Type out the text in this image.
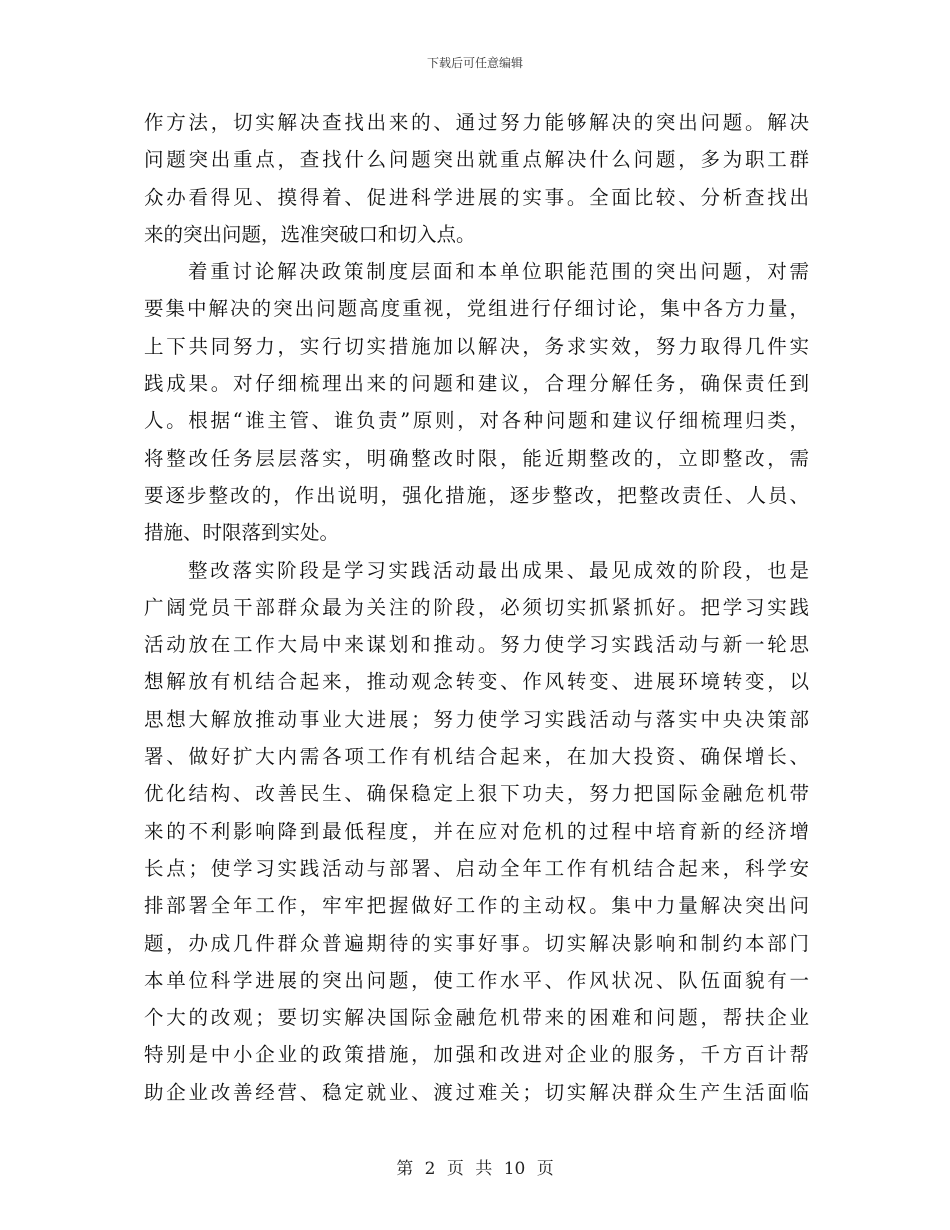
下载后可任意编辑
作方法，切实解决查找出来的、通过努力能够解决的突出问题。解决
问题突出重点，查找什么问题突出就重点解决什么问题，多为职工群
众办看得见、摸得着、促进科学进展的实事。全面比较、分析查找出
来的突出问题，选准突破口和切入点。
着重讨论解决政策制度层面和本单位职能范围的突出问题，对需
要集中解决的突出问题高度重视，党组进行仔细讨论，集中各方力量，
上下共同努力，实行切实措施加以解决，务求实效，努力取得几件实
践成果。对仔细梳理出来的问题和建议，合理分解任务，确保责任到
人。根据“谁主管、谁负责”原则，对各种问题和建议仔细梳理归类，
将整改任务层层落实，明确整改时限，能近期整改的，立即整改，需
要逐步整改的，作出说明，强化措施，逐步整改，把整改责任、人员、
措施、时限落到实处。
整改落实阶段是学习实践活动最出成果、最见成效的阶段，也是
广阔党员干部群众最为关注的阶段，必须切实抓紧抓好。把学习实践
活动放在工作大局中来谋划和推动。努力使学习实践活动与新一轮思
想解放有机结合起来，推动观念转变、作风转变、进展环境转变，以
思想大解放推动事业大进展；努力使学习实践活动与落实中央决策部
署、做好扩大内需各项工作有机结合起来，在加大投资、确保增长、
优化结构、改善民生、确保稳定上狠下功夫，努力把国际金融危机带
来的不利影响降到最低程度，并在应对危机的过程中培育新的经济增
长点；使学习实践活动与部署、启动全年工作有机结合起来，科学安
排部署全年工作，牢牢把握做好工作的主动权。集中力量解决突出问
题，办成几件群众普遍期待的实事好事。切实解决影响和制约本部门
本单位科学进展的突出问题，使工作水平、作风状况、队伍面貌有一
个大的改观；要切实解决国际金融危机带来的困难和问题，帮扶企业
特别是中小企业的政策措施，加强和改进对企业的服务，千方百计帮
助企业改善经营、稳定就业、渡过难关；切实解决群众生产生活面临
第 2 页 共 10 页
